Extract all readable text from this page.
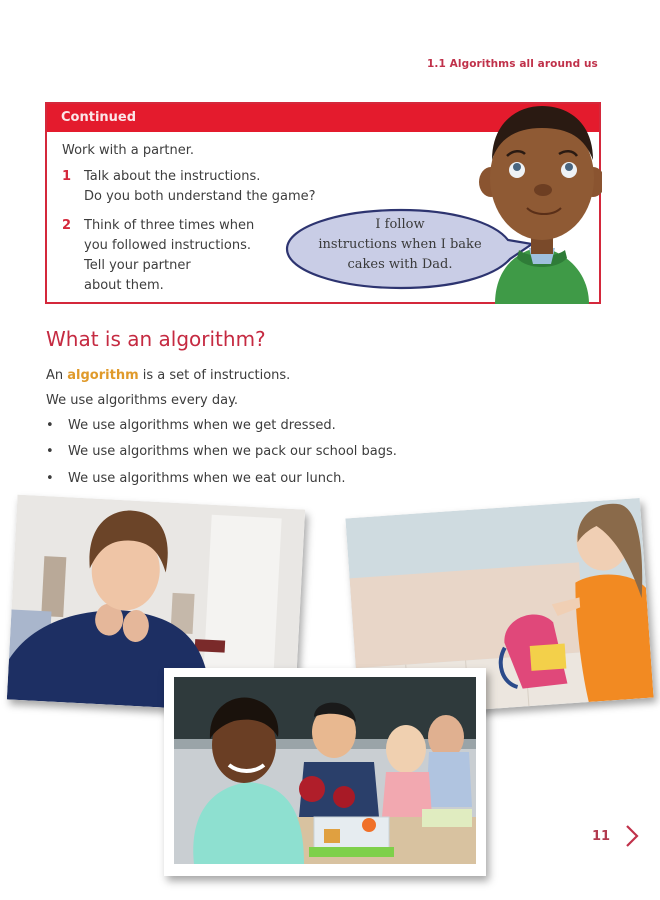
1.1 Algorithms all around us
Continued
Work with a partner.
1 Talk about the instructions.
Do you both understand the game?
2 Think of three times when
you followed instructions.
Tell your partner
about them.
I follow
instructions when I bake
cakes with Dad.
What is an algorithm?
An algorithm is a set of instructions.
We use algorithms every day.
• We use algorithms when we get dressed.
• We use algorithms when we pack our school bags.
• We use algorithms when we eat our lunch.
11
